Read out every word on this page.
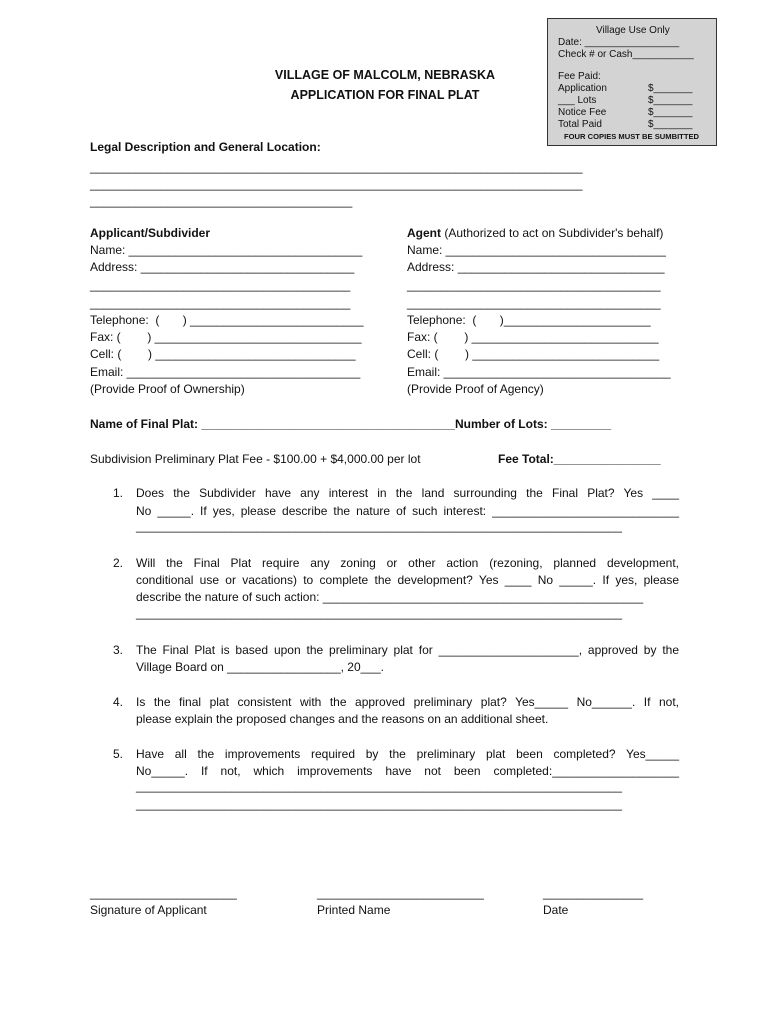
Village Use Only
Date: _________________
Check # or Cash___________
Fee Paid:
Application	$_______
___ Lots	$_______
Notice Fee	$_______
Total Paid	$_______
FOUR COPIES MUST BE SUMBITTED
VILLAGE OF MALCOLM, NEBRASKA
APPLICATION FOR FINAL PLAT
Legal Description and General Location:
_____________________________________________________________________________
_____________________________________________________________________________
_________________________________________
Applicant/Subdivider
Name: ___________________________________
Address: ________________________________
_______________________________________
_______________________________________
Telephone:  (       ) __________________________
Fax: (        ) _______________________________
Cell: (        ) ______________________________
Email: ___________________________________
(Provide Proof of Ownership)
Agent (Authorized to act on Subdivider's behalf)
Name: _________________________________
Address: _______________________________
______________________________________
______________________________________
Telephone:  (       )______________________
Fax: (        ) ____________________________
Cell: (        ) ____________________________
Email: __________________________________
(Provide Proof of Agency)
Name of Final Plat: ______________________________________Number of Lots: _________
Subdivision Preliminary Plat Fee - $100.00 + $4,000.00 per lot	Fee Total:________________
1. Does the Subdivider have any interest in the land surrounding the Final Plat? Yes ____
No _____. If yes, please describe the nature of such interest: ____________________________
____________________________________________________________________________
2. Will the Final Plat require any zoning or other action (rezoning, planned development,
conditional use or vacations) to complete the development? Yes ____ No _____. If yes, please
describe the nature of such action: ________________________________________________
____________________________________________________________________________
3. The Final Plat is based upon the preliminary plat for _____________________, approved by the
Village Board on _________________, 20___.
4. Is the final plat consistent with the approved preliminary plat? Yes_____ No______. If not,
please explain the proposed changes and the reasons on an additional sheet.
5. Have all the improvements required by the preliminary plat been completed? Yes_____
No_____. If not, which improvements have not been completed:___________________
____________________________________________________________________________
____________________________________________________________________________
______________________
Signature of Applicant
_________________________
Printed Name
_______________
Date
